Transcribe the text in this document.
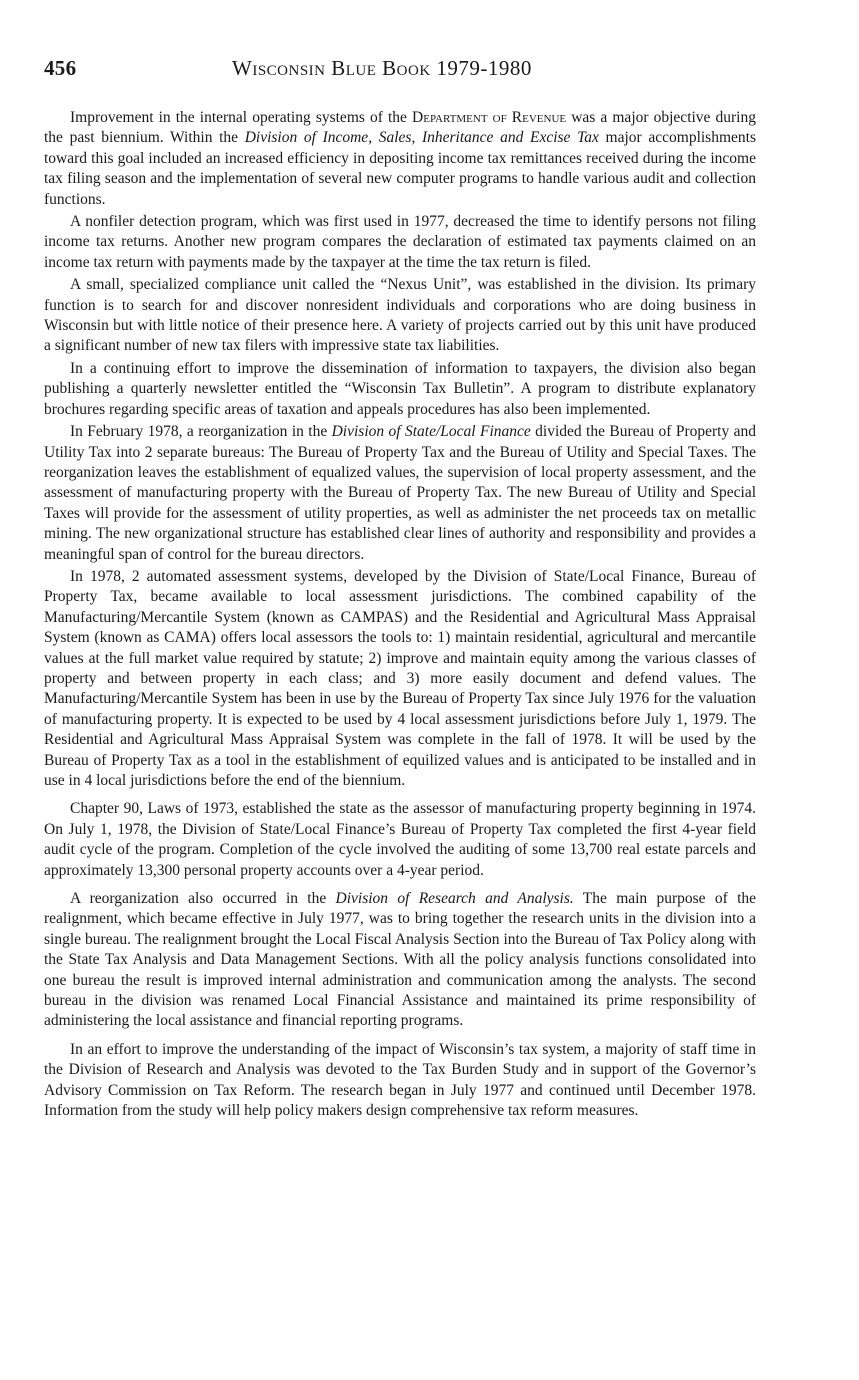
456	Wisconsin Blue Book 1979-1980

Improvement in the internal operating systems of the Department of Revenue was a major objective during the past biennium. Within the Division of Income, Sales, Inheritance and Excise Tax major accomplishments toward this goal included an increased efficiency in depositing income tax remittances received during the income tax filing season and the implementation of several new computer programs to handle various audit and collection functions.

A nonfiler detection program, which was first used in 1977, decreased the time to identify persons not filing income tax returns. Another new program compares the declaration of estimated tax payments claimed on an income tax return with payments made by the taxpayer at the time the tax return is filed.

A small, specialized compliance unit called the “Nexus Unit”, was established in the division. Its primary function is to search for and discover nonresident individuals and corporations who are doing business in Wisconsin but with little notice of their presence here. A variety of projects carried out by this unit have produced a significant number of new tax filers with impressive state tax liabilities.

In a continuing effort to improve the dissemination of information to taxpayers, the division also began publishing a quarterly newsletter entitled the “Wisconsin Tax Bulletin”. A program to distribute explanatory brochures regarding specific areas of taxation and appeals procedures has also been implemented.

In February 1978, a reorganization in the Division of State/Local Finance divided the Bureau of Property and Utility Tax into 2 separate bureaus: The Bureau of Property Tax and the Bureau of Utility and Special Taxes. The reorganization leaves the establishment of equalized values, the supervision of local property assessment, and the assessment of manufacturing property with the Bureau of Property Tax. The new Bureau of Utility and Special Taxes will provide for the assessment of utility properties, as well as administer the net proceeds tax on metallic mining. The new organizational structure has established clear lines of authority and responsibility and provides a meaningful span of control for the bureau directors.

In 1978, 2 automated assessment systems, developed by the Division of State/Local Finance, Bureau of Property Tax, became available to local assessment jurisdictions. The combined capability of the Manufacturing/Mercantile System (known as CAMPAS) and the Residential and Agricultural Mass Appraisal System (known as CAMA) offers local assessors the tools to: 1) maintain residential, agricultural and mercantile values at the full market value required by statute; 2) improve and maintain equity among the various classes of property and between property in each class; and 3) more easily document and defend values. The Manufacturing/Mercantile System has been in use by the Bureau of Property Tax since July 1976 for the valuation of manufacturing property. It is expected to be used by 4 local assessment jurisdictions before July 1, 1979. The Residential and Agricultural Mass Appraisal System was complete in the fall of 1978. It will be used by the Bureau of Property Tax as a tool in the establishment of equilized values and is anticipated to be installed and in use in 4 local jurisdictions before the end of the biennium.

Chapter 90, Laws of 1973, established the state as the assessor of manufacturing property beginning in 1974. On July 1, 1978, the Division of State/Local Finance’s Bureau of Property Tax completed the first 4-year field audit cycle of the program. Completion of the cycle involved the auditing of some 13,700 real estate parcels and approximately 13,300 personal property accounts over a 4-year period.

A reorganization also occurred in the Division of Research and Analysis. The main purpose of the realignment, which became effective in July 1977, was to bring together the research units in the division into a single bureau. The realignment brought the Local Fiscal Analysis Section into the Bureau of Tax Policy along with the State Tax Analysis and Data Management Sections. With all the policy analysis functions consolidated into one bureau the result is improved internal administration and communication among the analysts. The second bureau in the division was renamed Local Financial Assistance and maintained its prime responsibility of administering the local assistance and financial reporting programs.

In an effort to improve the understanding of the impact of Wisconsin’s tax system, a majority of staff time in the Division of Research and Analysis was devoted to the Tax Burden Study and in support of the Governor’s Advisory Commission on Tax Reform. The research began in July 1977 and continued until December 1978. Information from the study will help policy makers design comprehensive tax reform measures.
